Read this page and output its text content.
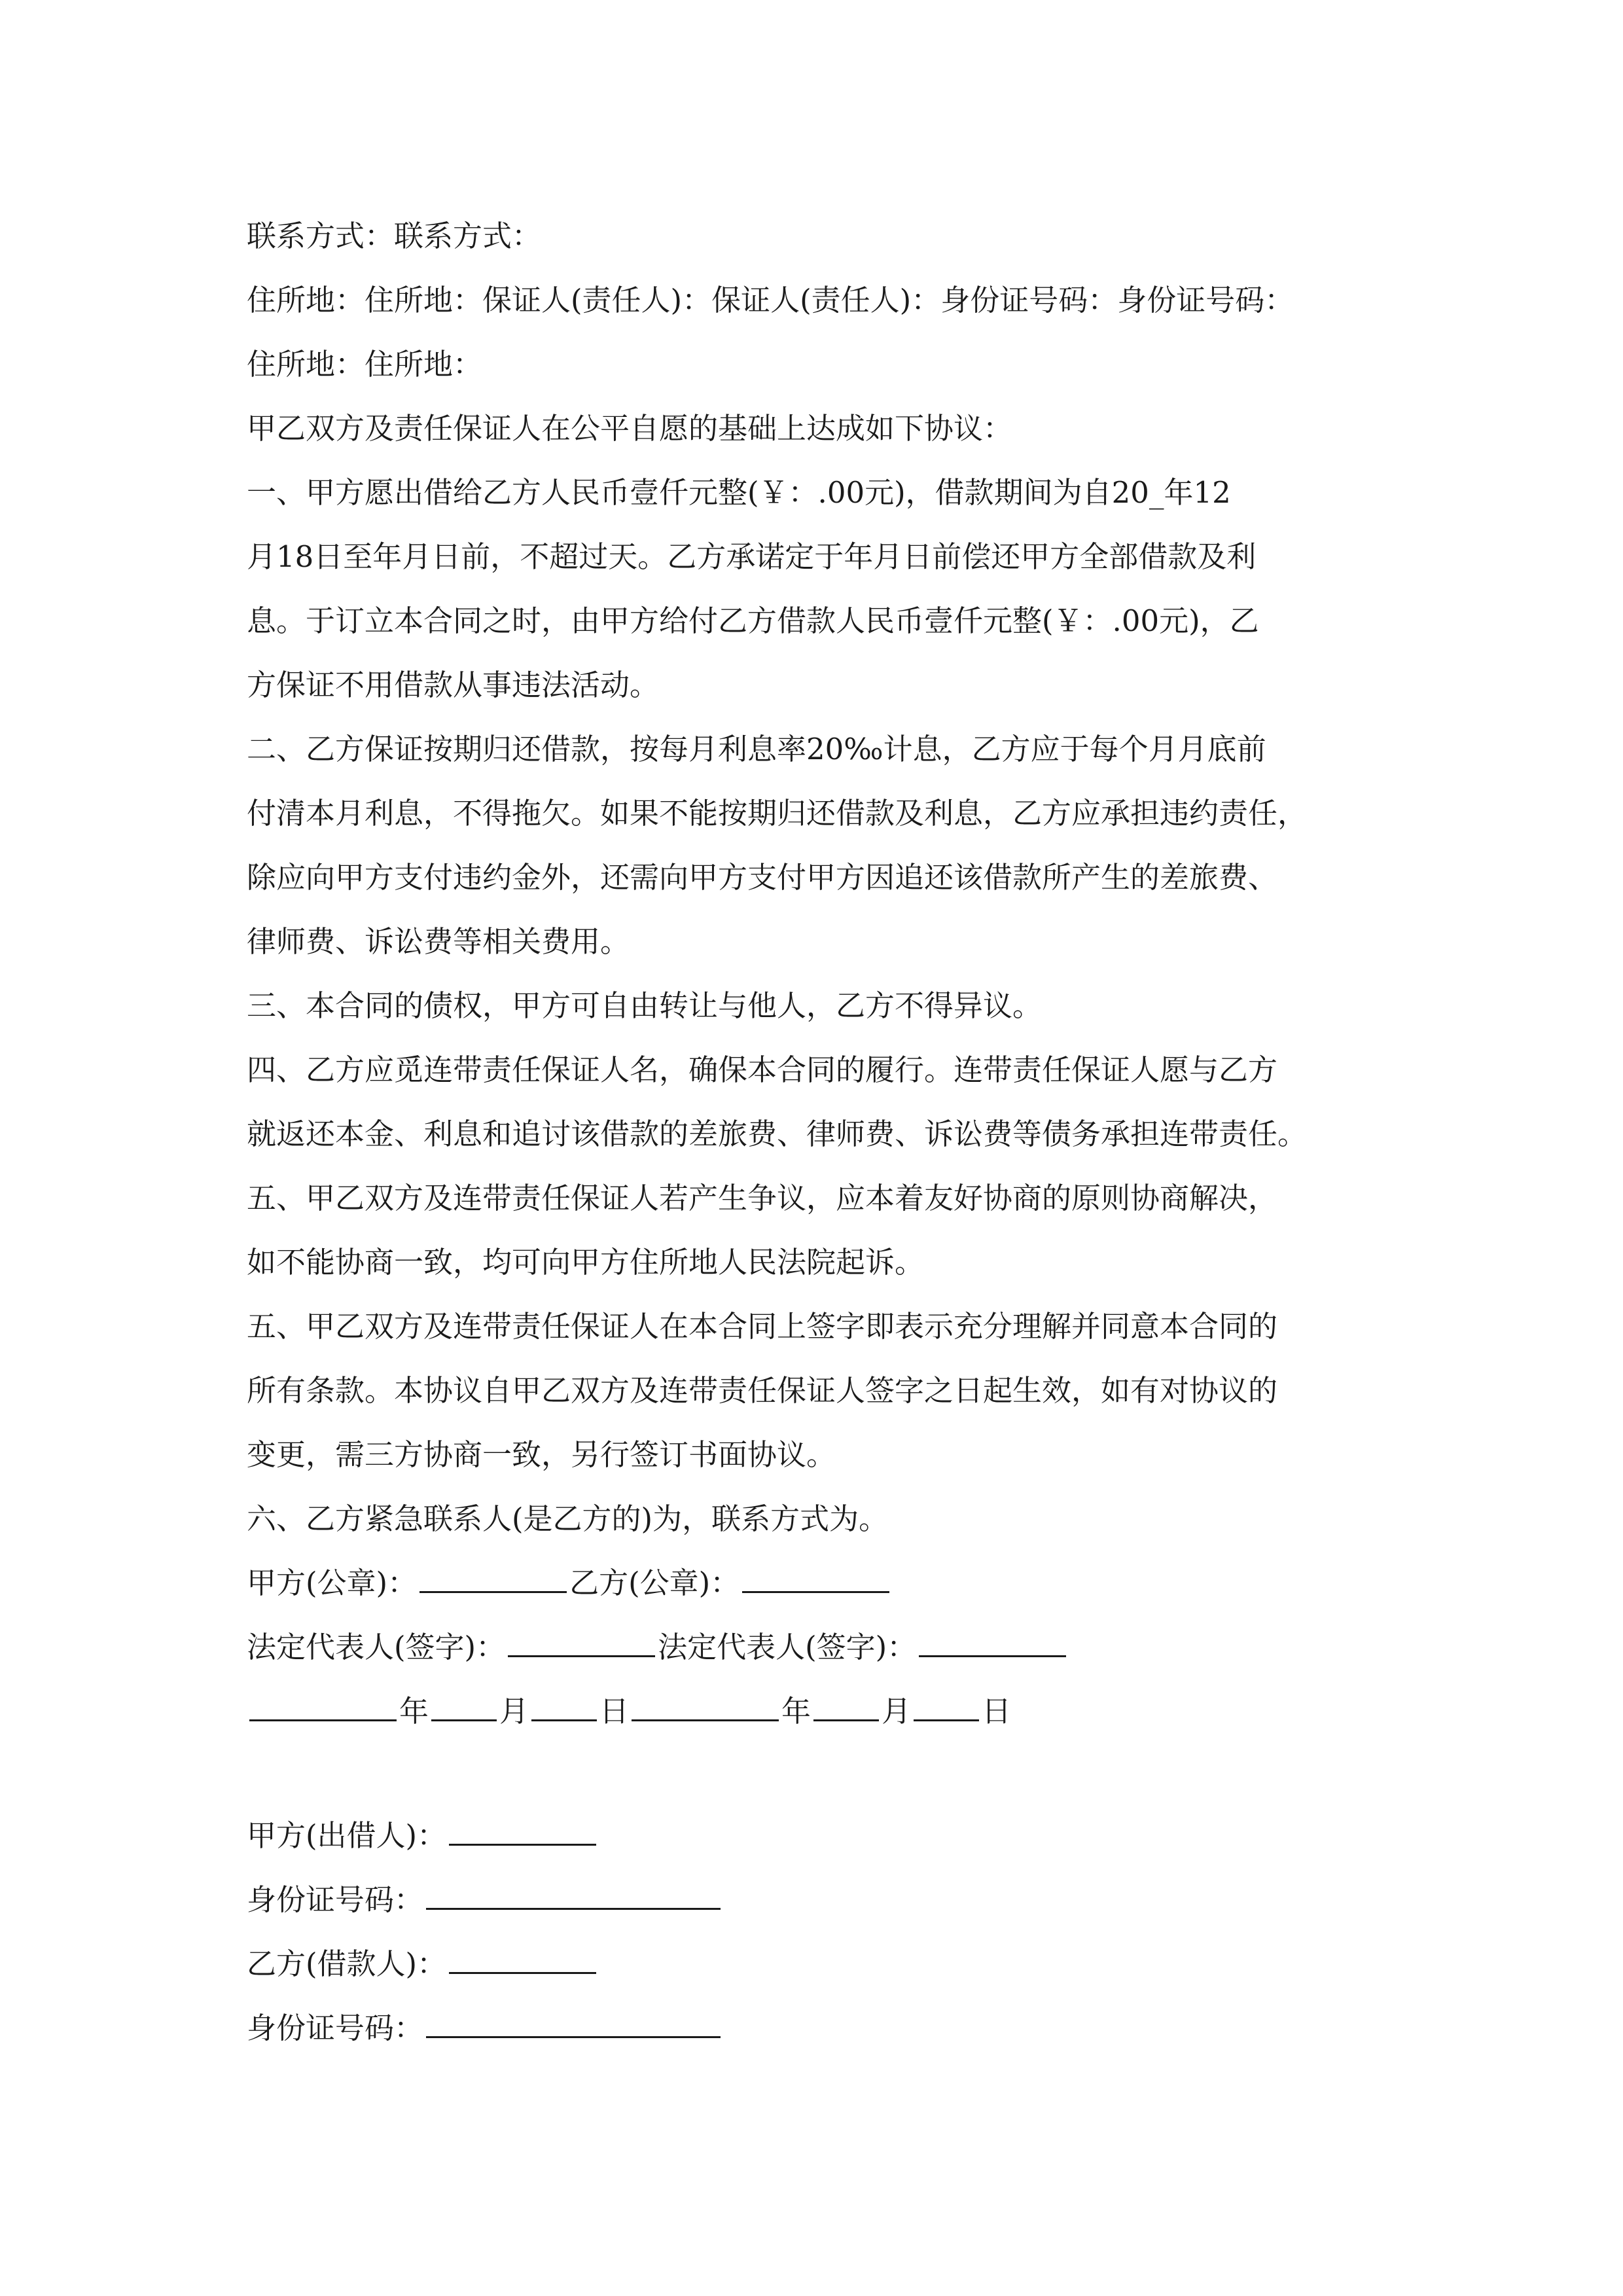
联系方式：联系方式：
住所地：住所地：保证人(责任人)：保证人(责任人)：身份证号码：身份证号码：
住所地：住所地：
甲乙双方及责任保证人在公平自愿的基础上达成如下协议：
一、甲方愿出借给乙方人民币壹仟元整(￥：.00元)，借款期间为自20_年12
月18日至年月日前，不超过天。乙方承诺定于年月日前偿还甲方全部借款及利
息。于订立本合同之时，由甲方给付乙方借款人民币壹仟元整(￥：.00元)，乙
方保证不用借款从事违法活动。
二、乙方保证按期归还借款，按每月利息率20‰计息，乙方应于每个月月底前
付清本月利息，不得拖欠。如果不能按期归还借款及利息，乙方应承担违约责任，
除应向甲方支付违约金外，还需向甲方支付甲方因追还该借款所产生的差旅费、
律师费、诉讼费等相关费用。
三、本合同的债权，甲方可自由转让与他人，乙方不得异议。
四、乙方应觅连带责任保证人名，确保本合同的履行。连带责任保证人愿与乙方
就返还本金、利息和追讨该借款的差旅费、律师费、诉讼费等债务承担连带责任。
五、甲乙双方及连带责任保证人若产生争议，应本着友好协商的原则协商解决，
如不能协商一致，均可向甲方住所地人民法院起诉。
五、甲乙双方及连带责任保证人在本合同上签字即表示充分理解并同意本合同的
所有条款。本协议自甲乙双方及连带责任保证人签字之日起生效，如有对协议的
变更，需三方协商一致，另行签订书面协议。
六、乙方紧急联系人(是乙方的)为，联系方式为。
甲方(公章)：	乙方(公章)：
法定代表人(签字)：	法定代表人(签字)：
年 月 日	年 月 日
甲方(出借人)：
身份证号码：
乙方(借款人)：
身份证号码：
